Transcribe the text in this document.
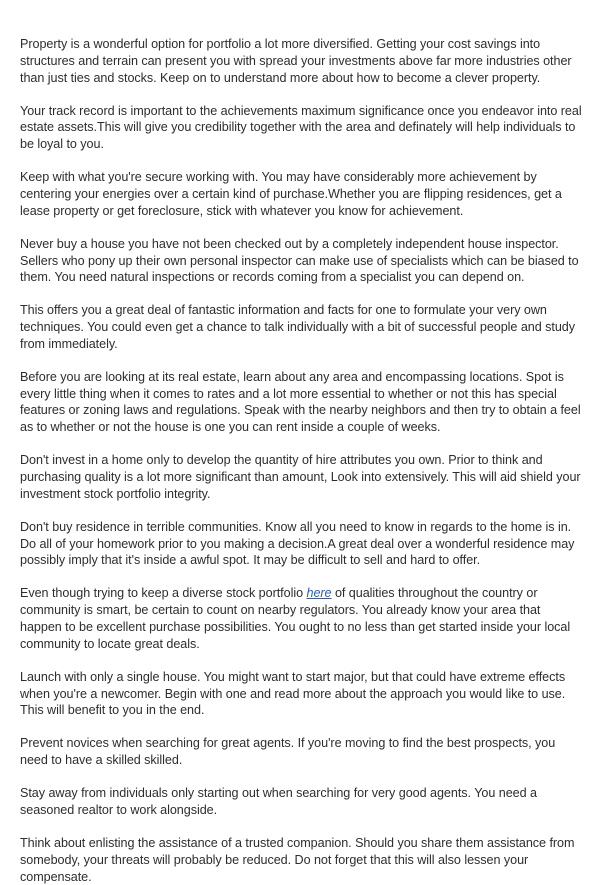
Property is a wonderful option for portfolio a lot more diversified. Getting your cost savings into structures and terrain can present you with spread your investments above far more industries other than just ties and stocks. Keep on to understand more about how to become a clever property.

Your track record is important to the achievements maximum significance once you endeavor into real estate assets.This will give you credibility together with the area and definately will help individuals to be loyal to you.

Keep with what you're secure working with. You may have considerably more achievement by centering your energies over a certain kind of purchase.Whether you are flipping residences, get a lease property or get foreclosure, stick with whatever you know for achievement.

Never buy a house you have not been checked out by a completely independent house inspector. Sellers who pony up their own personal inspector can make use of specialists which can be biased to them. You need natural inspections or records coming from a specialist you can depend on.

This offers you a great deal of fantastic information and facts for one to formulate your very own techniques. You could even get a chance to talk individually with a bit of successful people and study from immediately.

Before you are looking at its real estate, learn about any area and encompassing locations. Spot is every little thing when it comes to rates and a lot more essential to whether or not this has special features or zoning laws and regulations. Speak with the nearby neighbors and then try to obtain a feel as to whether or not the house is one you can rent inside a couple of weeks.

Don't invest in a home only to develop the quantity of hire attributes you own. Prior to think and purchasing quality is a lot more significant than amount, Look into extensively. This will aid shield your investment stock portfolio integrity.

Don't buy residence in terrible communities. Know all you need to know in regards to the home is in. Do all of your homework prior to you making a decision.A great deal over a wonderful residence may possibly imply that it's inside a awful spot. It may be difficult to sell and hard to offer.

Even though trying to keep a diverse stock portfolio here of qualities throughout the country or community is smart, be certain to count on nearby regulators. You already know your area that happen to be excellent purchase possibilities. You ought to no less than get started inside your local community to locate great deals.

Launch with only a single house. You might want to start major, but that could have extreme effects when you're a newcomer. Begin with one and read more about the approach you would like to use. This will benefit to you in the end.

Prevent novices when searching for great agents. If you're moving to find the best prospects, you need to have a skilled skilled.

Stay away from individuals only starting out when searching for very good agents. You need a seasoned realtor to work alongside.

Think about enlisting the assistance of a trusted companion. Should you share them assistance from somebody, your threats will probably be reduced. Do not forget that this will also lessen your compensate.
